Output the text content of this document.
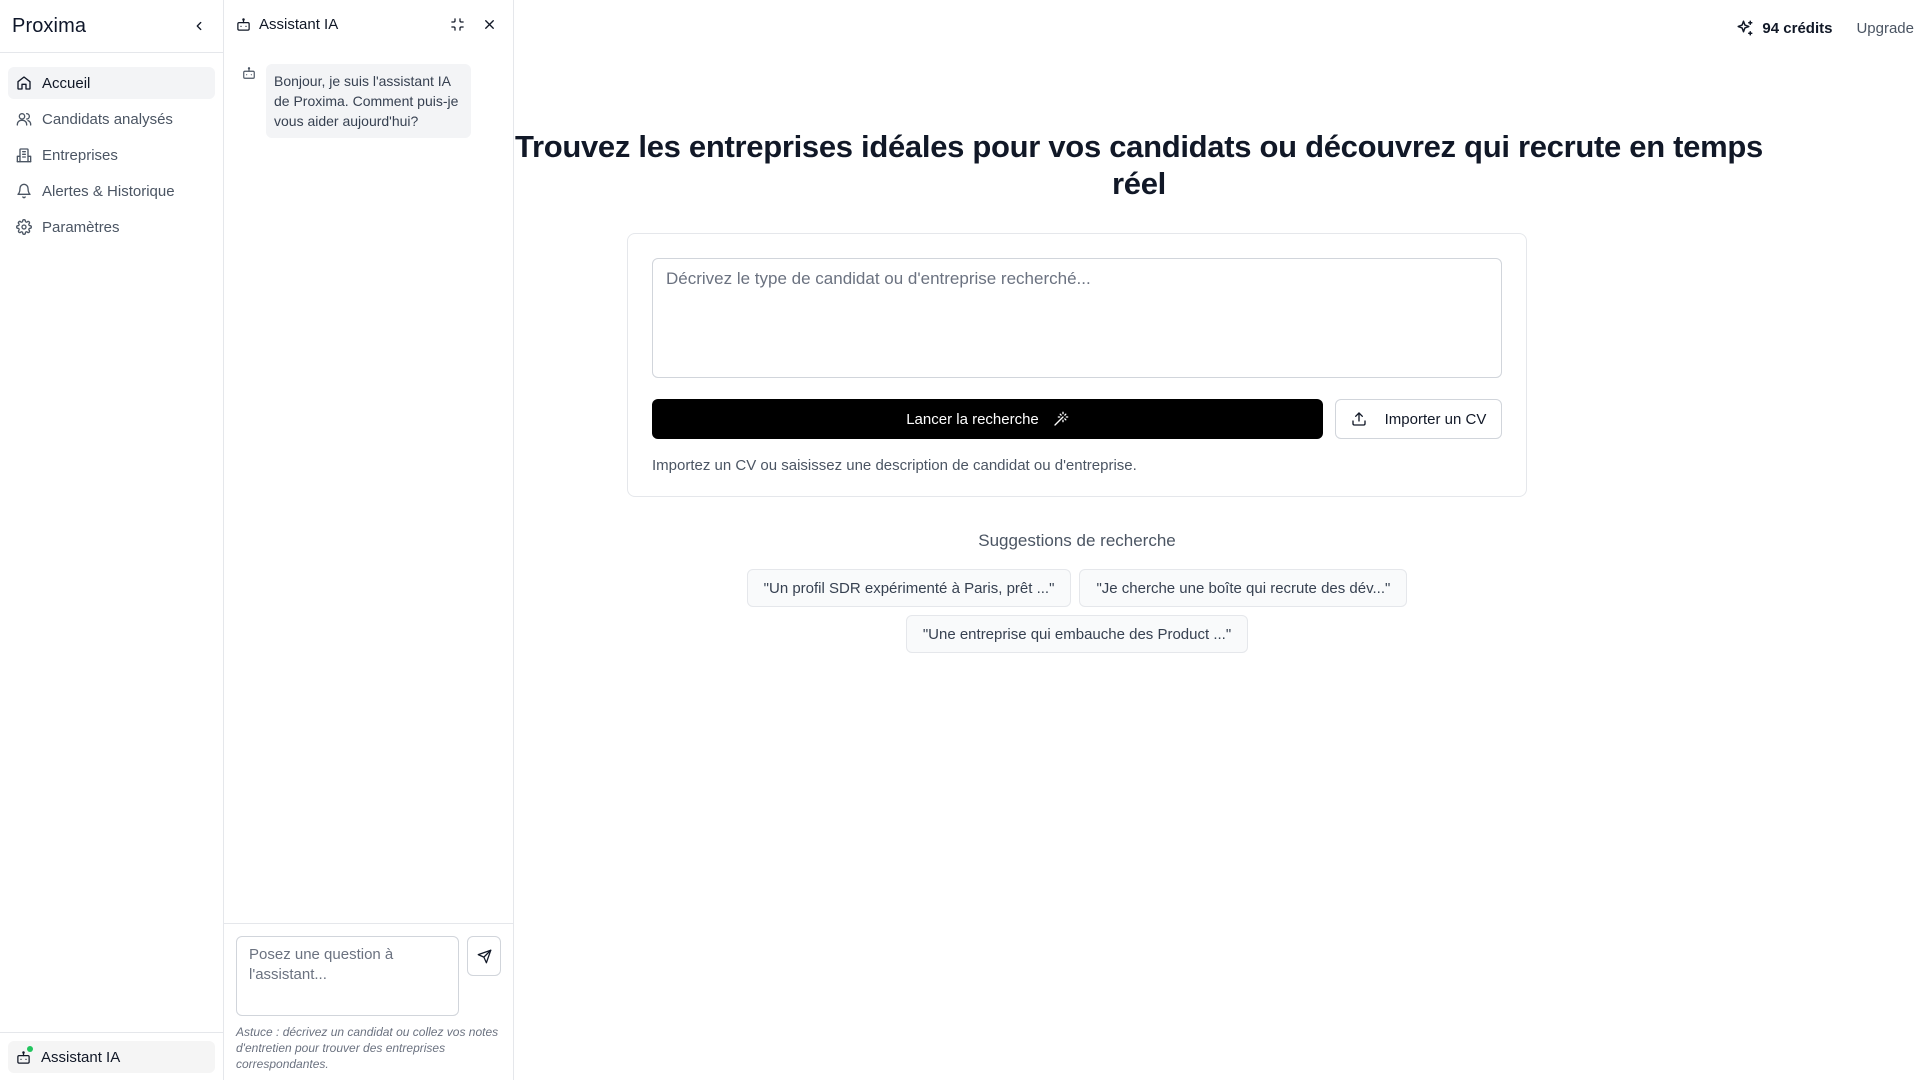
Proxima
Accueil
Candidats analysés
Entreprises
Alertes & Historique
Paramètres
Assistant IA
Assistant IA
Bonjour, je suis l'assistant IA de Proxima. Comment puis-je vous aider aujourd'hui?
Posez une question à l'assistant...

Astuce : décrivez un candidat ou collez vos notes d'entretien pour trouver des entreprises correspondantes.

94 crédits Upgrade
Trouvez les entreprises idéales pour vos candidats ou découvrez qui recrute en temps réel
Décrivez le type de candidat ou d'entreprise recherché...
Lancer la recherche	Importer un CV

Importez un CV ou saisissez une description de candidat ou d'entreprise.

Suggestions de recherche
"Un profil SDR expérimenté à Paris, prêt ..."	"Je cherche une boîte qui recrute des dév..."
"Une entreprise qui embauche des Product ..."
